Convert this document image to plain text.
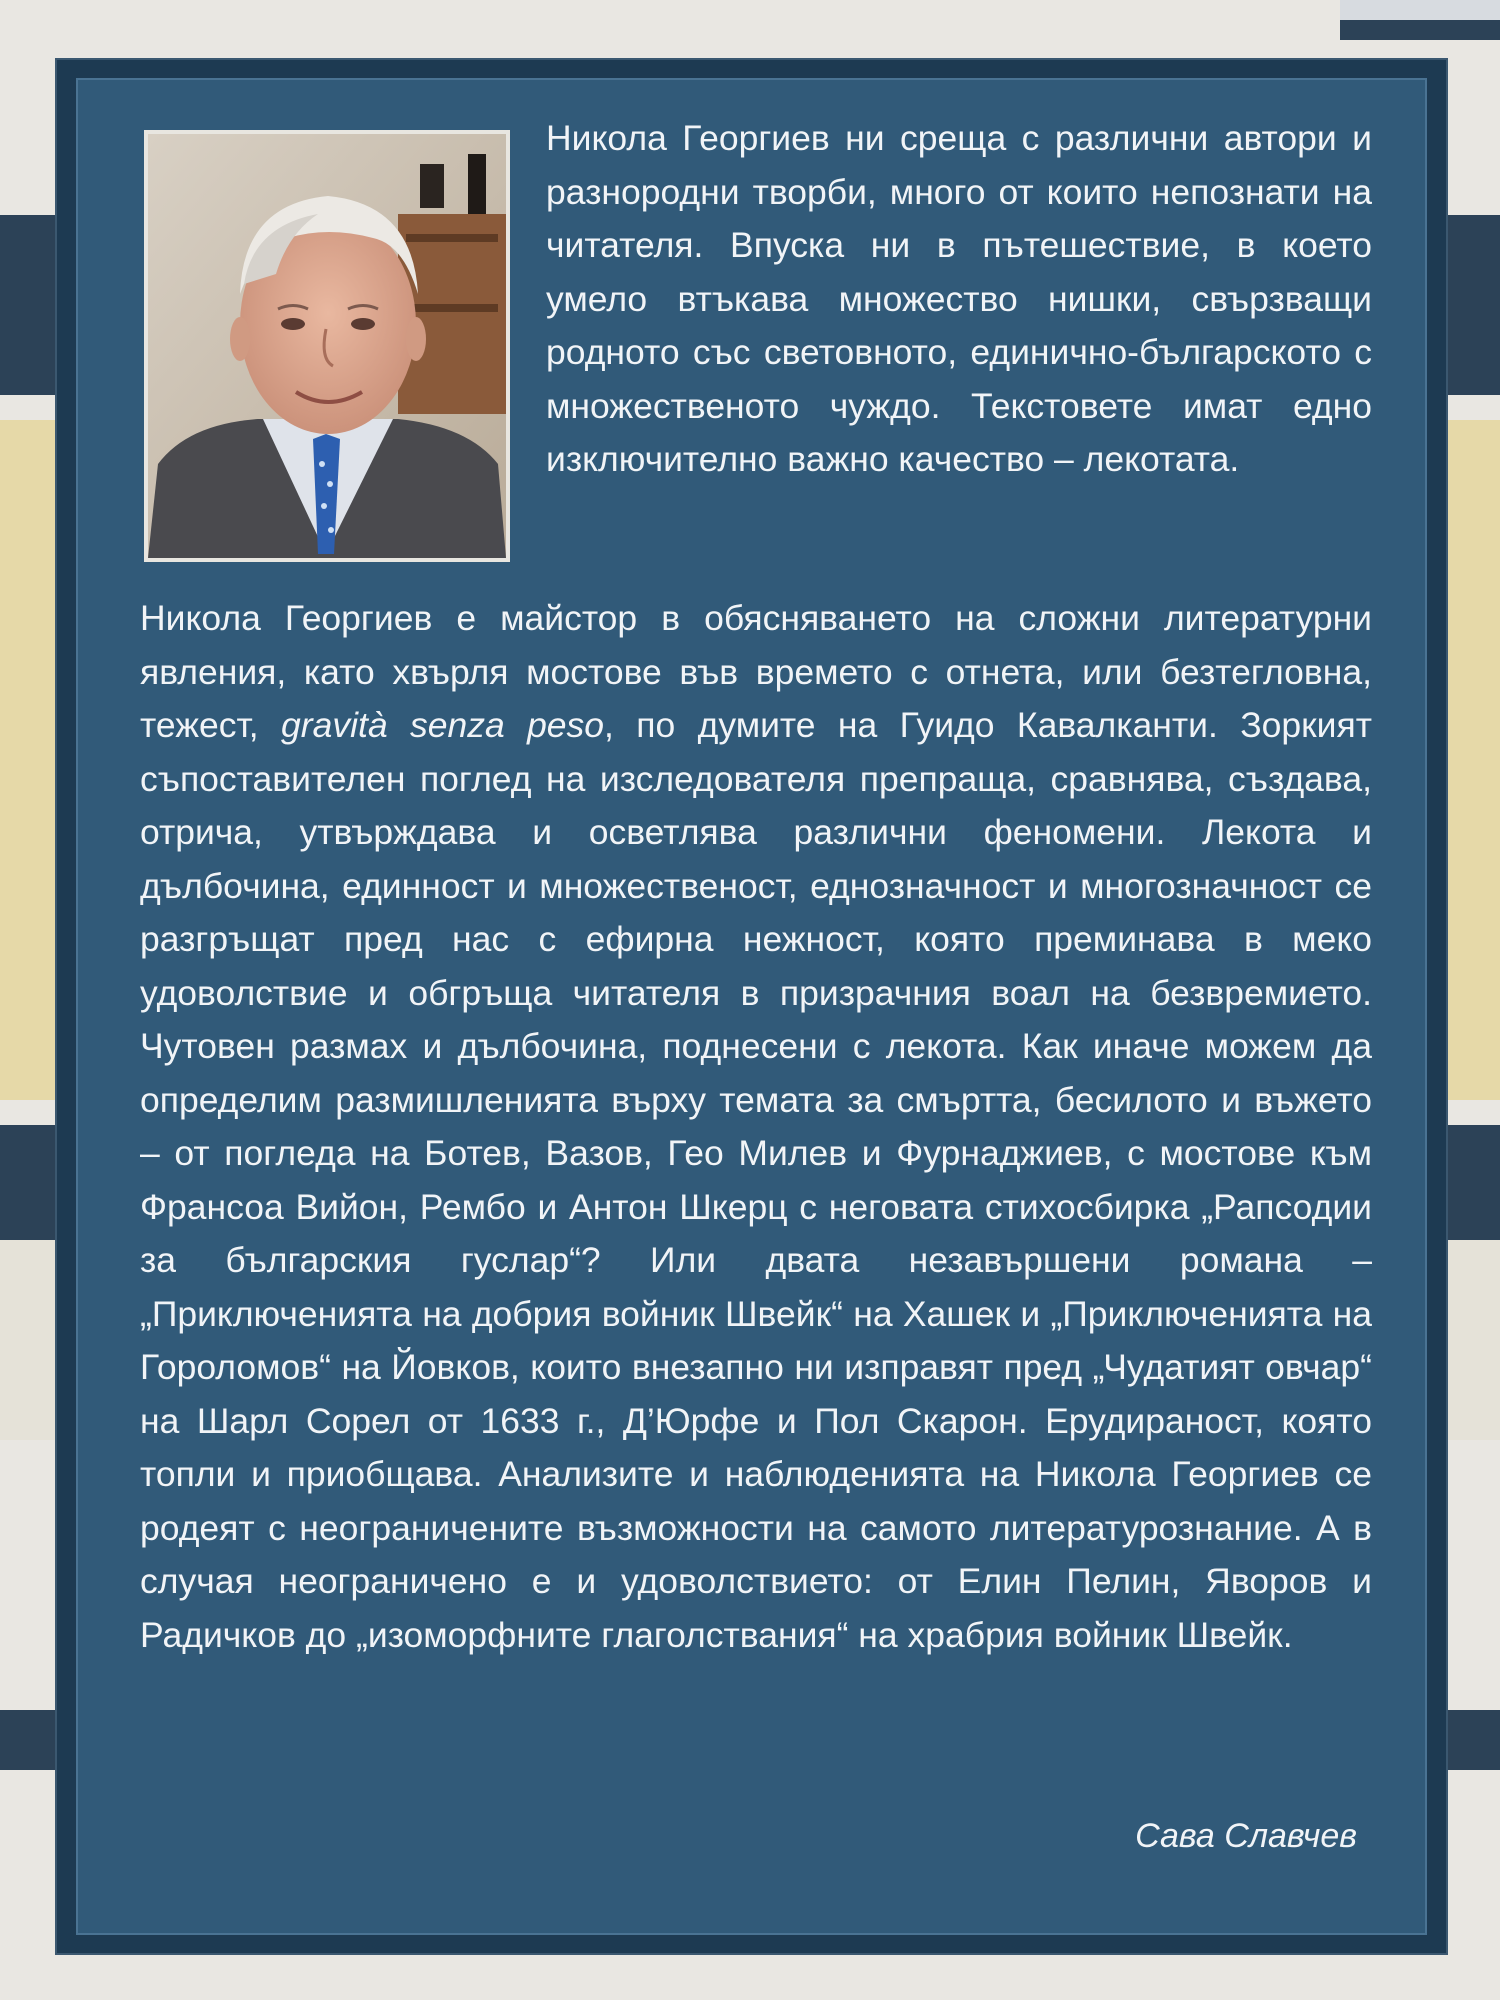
Никола Георгиев ни среща с различни автори и разнородни творби, много от които непознати на читателя. Впуска ни в пътешествие, в което умело втъкава множество нишки, свързващи родното със световното, единично-българското с множественото чуждо. Текстовете имат едно изключително важно качество – лекотата.

Никола Георгиев е майстор в обясняването на сложни литературни явления, като хвърля мостове във времето с отнета, или безтегловна, тежест, gravità senza peso, по думите на Гуидо Кавалканти. Зоркият съпоставителен поглед на изследователя препраща, сравнява, създава, отрича, утвърждава и осветлява различни феномени. Лекота и дълбочина, единност и множественост, еднозначност и многозначност се разгръщат пред нас с ефирна нежност, която преминава в меко удоволствие и обгръща читателя в призрачния воал на безвремието. Чутовен размах и дълбочина, поднесени с лекота. Как иначе можем да определим размишленията върху темата за смъртта, бесилото и въжето – от погледа на Ботев, Вазов, Гео Милев и Фурнаджиев, с мостове към Франсоа Вийон, Рембо и Антон Шкерц с неговата стихосбирка „Рапсодии за българския гуслар“? Или двата незавършени романа – „Приключенията на добрия войник Швейк“ на Хашек и „Приключенията на Гороломов“ на Йовков, които внезапно ни изправят пред „Чудатият овчар“ на Шарл Сорел от 1633 г., Д’Юрфе и Пол Скарон. Ерудираност, която топли и приобщава. Анализите и наблюденията на Никола Георгиев се родеят с неограничените възможности на самото литературознание. А в случая неограничено е и удоволствието: от Елин Пелин, Яворов и Радичков до „изоморфните глаголствания“ на храбрия войник Швейк.

Сава Славчев
